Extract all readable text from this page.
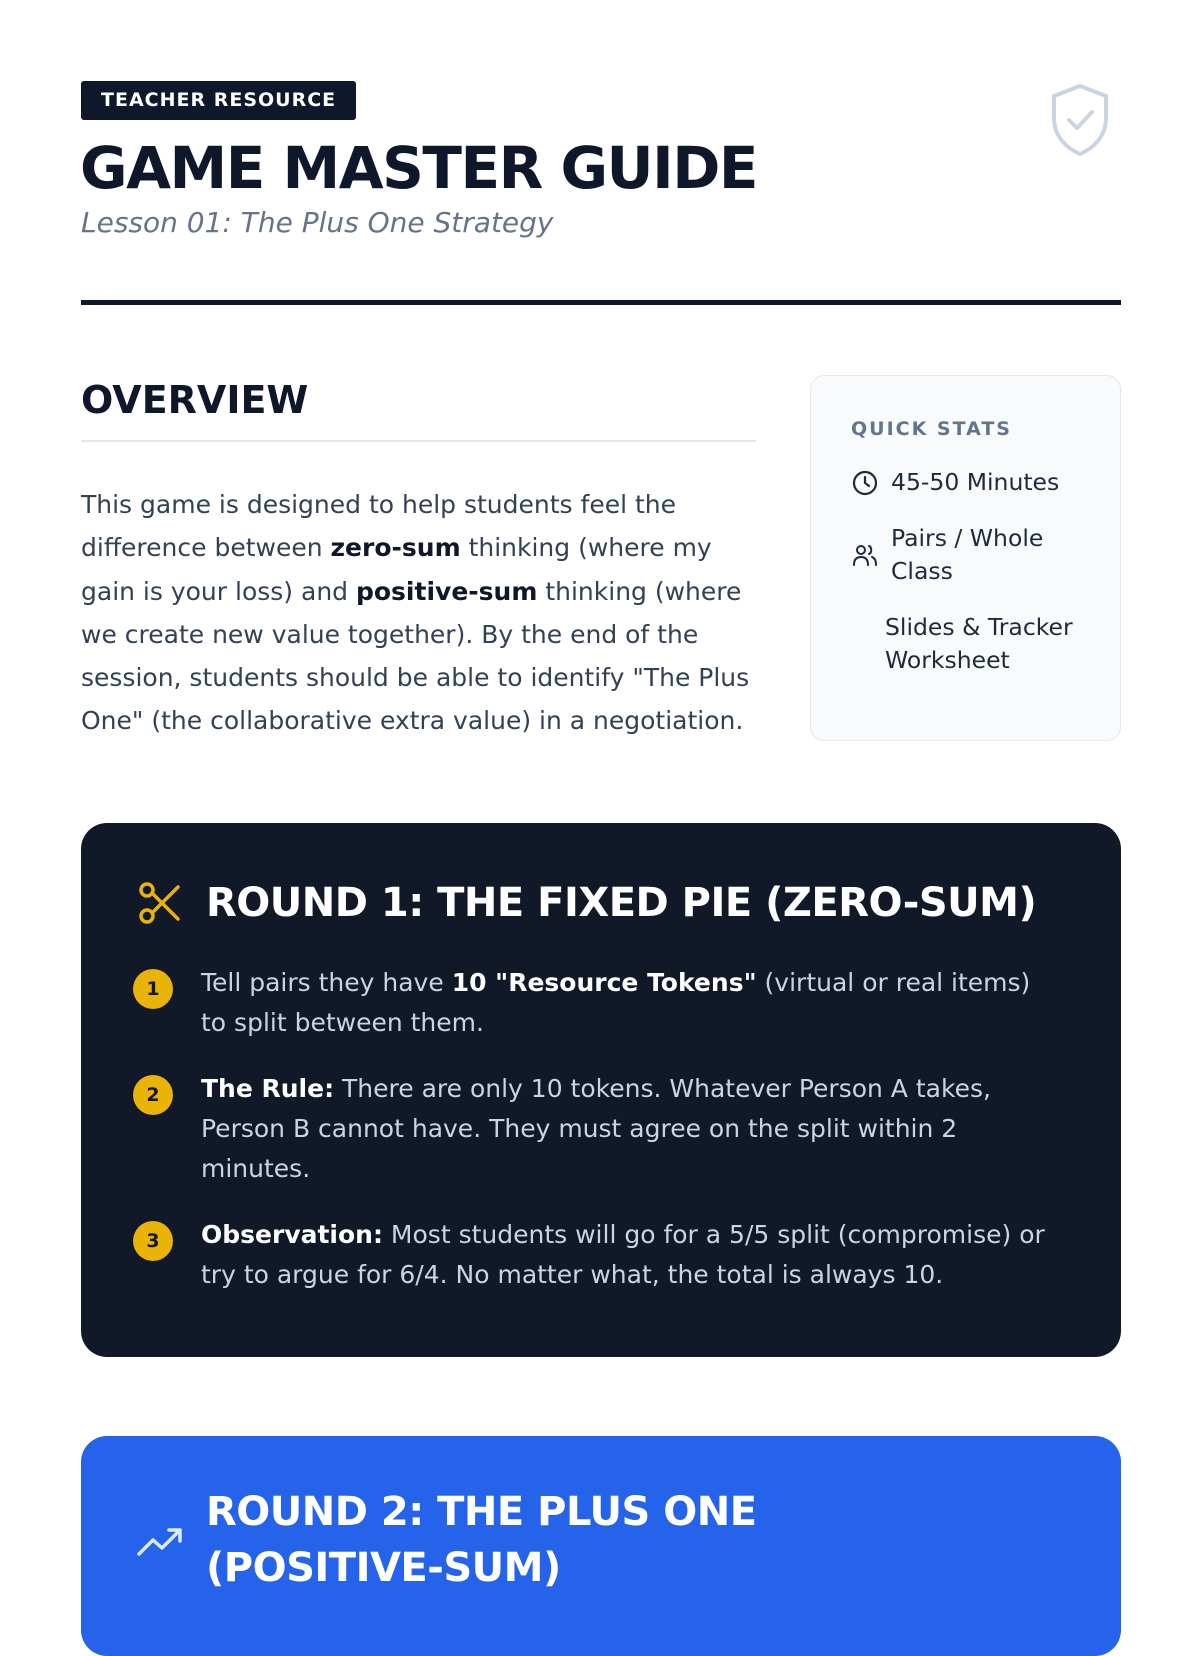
TEACHER RESOURCE
GAME MASTER GUIDE
Lesson 01: The Plus One Strategy
OVERVIEW

This game is designed to help students feel the difference between zero-sum thinking (where my gain is your loss) and positive-sum thinking (where we create new value together). By the end of the session, students should be able to identify "The Plus One" (the collaborative extra value) in a negotiation.

QUICK STATS
45-50 Minutes
Pairs / Whole Class
Slides & Tracker Worksheet
ROUND 1: THE FIXED PIE (ZERO-SUM)
1	Tell pairs they have 10 "Resource Tokens" (virtual or real items) to split between them.
2	The Rule: There are only 10 tokens. Whatever Person A takes, Person B cannot have. They must agree on the split within 2 minutes.
3	Observation: Most students will go for a 5/5 split (compromise) or try to argue for 6/4. No matter what, the total is always 10.
ROUND 2: THE PLUS ONE (POSITIVE-SUM)
